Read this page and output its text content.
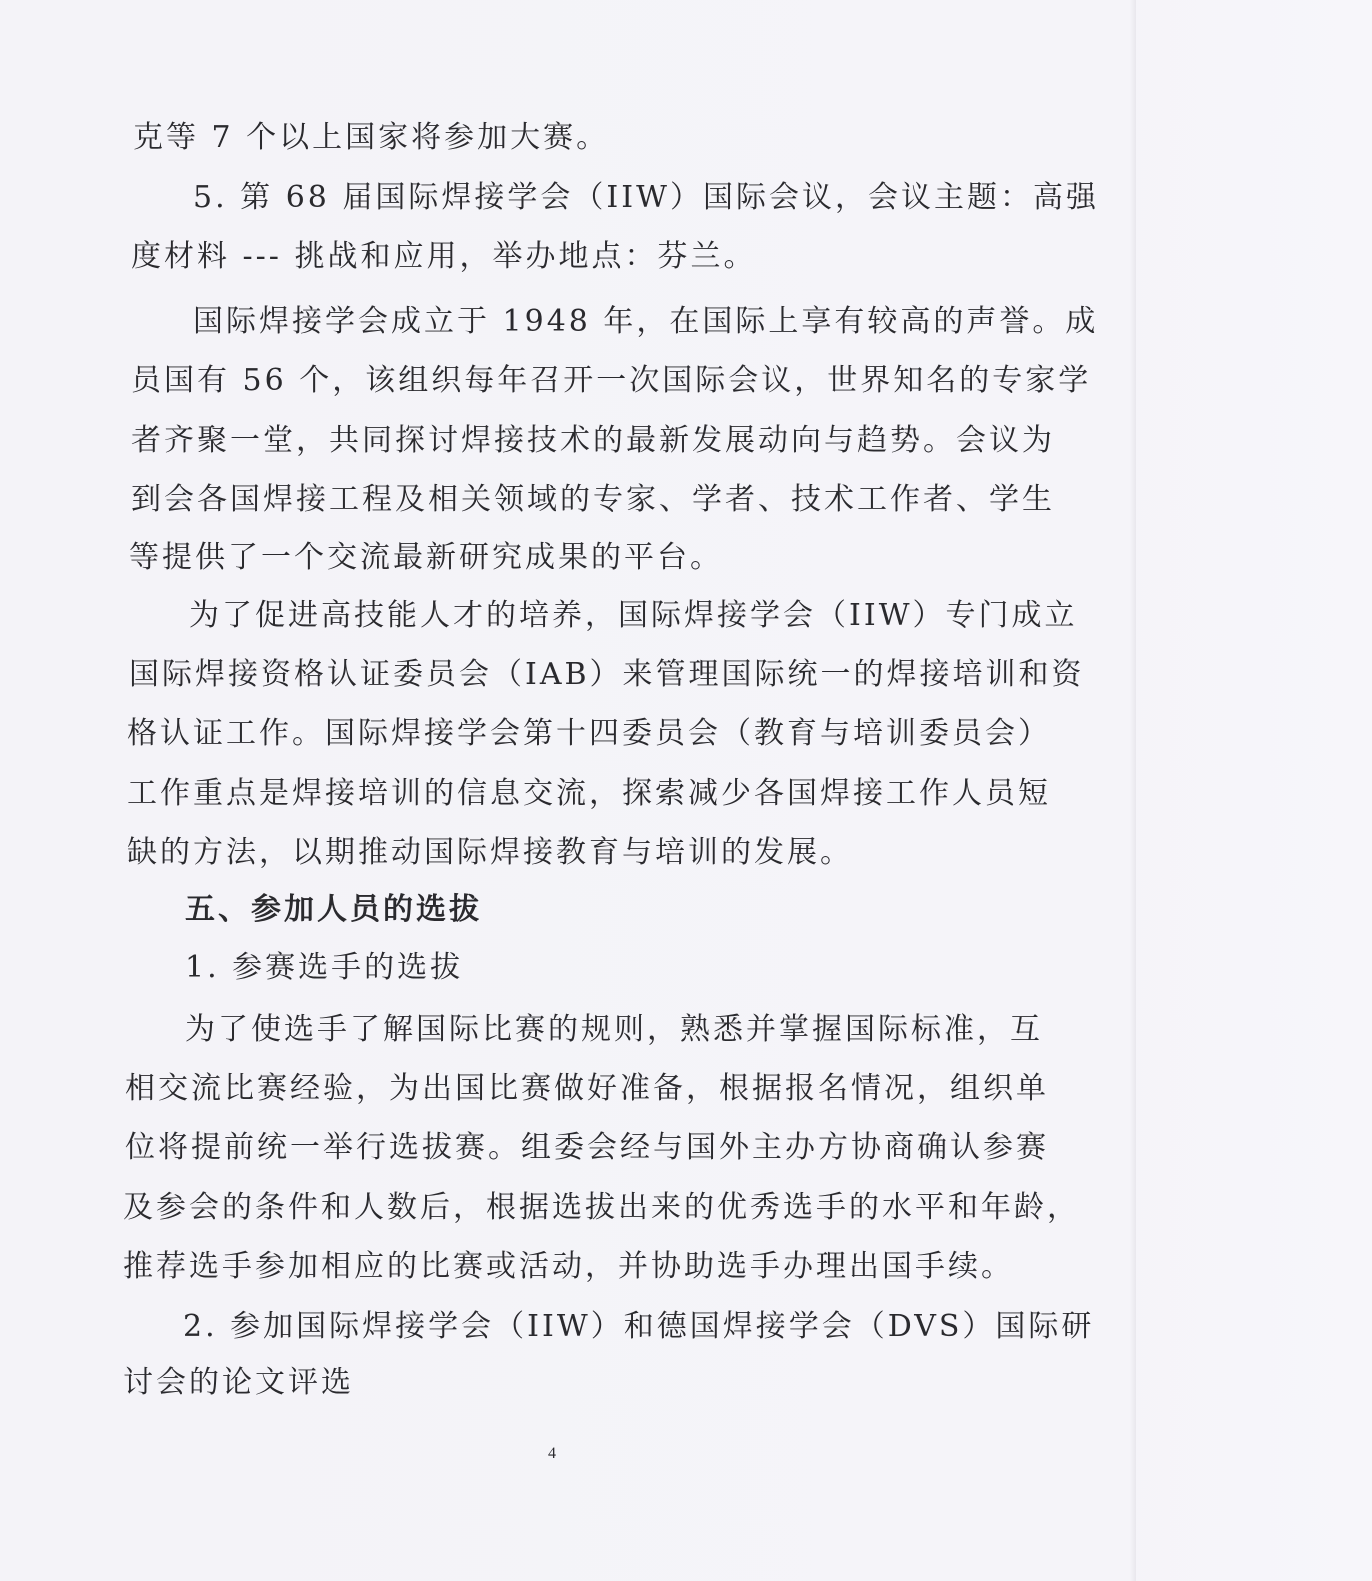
克等 7 个以上国家将参加大赛。
5. 第 68 届国际焊接学会（IIW）国际会议，会议主题：高强
度材料 --- 挑战和应用，举办地点：芬兰。
国际焊接学会成立于 1948 年，在国际上享有较高的声誉。成
员国有 56 个，该组织每年召开一次国际会议，世界知名的专家学
者齐聚一堂，共同探讨焊接技术的最新发展动向与趋势。会议为
到会各国焊接工程及相关领域的专家、学者、技术工作者、学生
等提供了一个交流最新研究成果的平台。
为了促进高技能人才的培养，国际焊接学会（IIW）专门成立
国际焊接资格认证委员会（IAB）来管理国际统一的焊接培训和资
格认证工作。国际焊接学会第十四委员会（教育与培训委员会）
工作重点是焊接培训的信息交流，探索减少各国焊接工作人员短
缺的方法，以期推动国际焊接教育与培训的发展。
五、参加人员的选拔
1. 参赛选手的选拔
为了使选手了解国际比赛的规则，熟悉并掌握国际标准，互
相交流比赛经验，为出国比赛做好准备，根据报名情况，组织单
位将提前统一举行选拔赛。组委会经与国外主办方协商确认参赛
及参会的条件和人数后，根据选拔出来的优秀选手的水平和年龄，
推荐选手参加相应的比赛或活动，并协助选手办理出国手续。
2. 参加国际焊接学会（IIW）和德国焊接学会（DVS）国际研
讨会的论文评选
4
